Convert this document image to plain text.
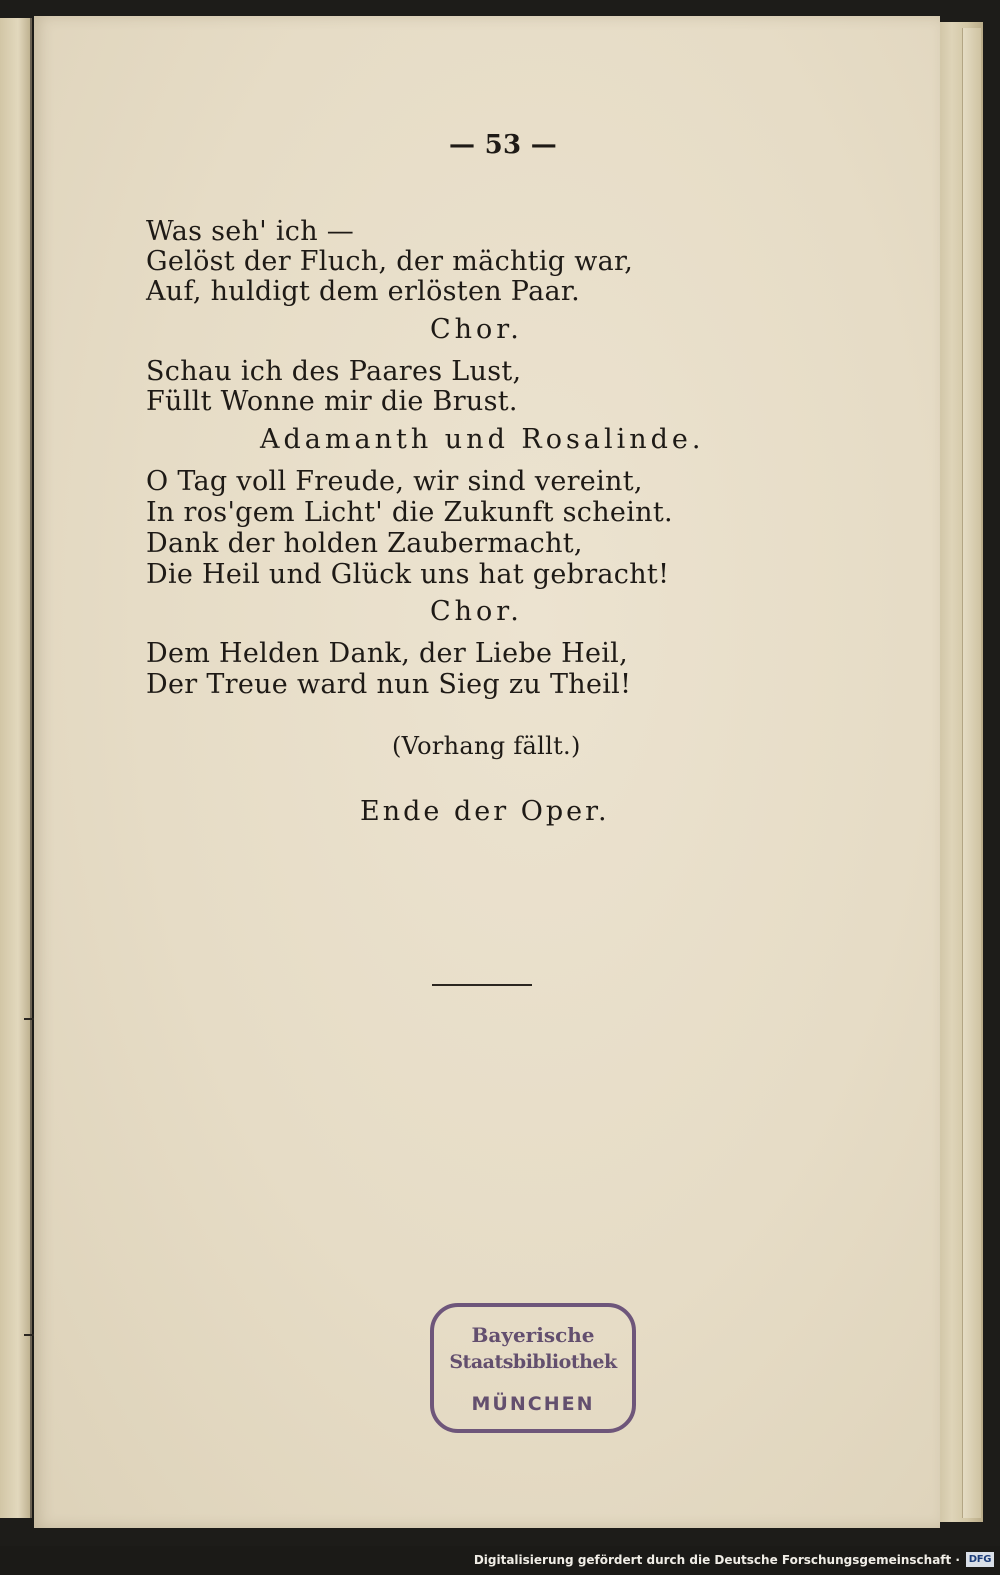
— 53 —
Was seh' ich —
Gelöst der Fluch, der mächtig war,
Auf, huldigt dem erlösten Paar.
Chor.
Schau ich des Paares Lust,
Füllt Wonne mir die Brust.
Adamanth und Rosalinde.
O Tag voll Freude, wir sind vereint,
In ros'gem Licht' die Zukunft scheint.
Dank der holden Zaubermacht,
Die Heil und Glück uns hat gebracht!
Chor.
Dem Helden Dank, der Liebe Heil,
Der Treue ward nun Sieg zu Theil!
(Vorhang fällt.)
Ende der Oper.
Bayerische
Staatsbibliothek
MÜNCHEN
Digitalisierung gefördert durch die Deutsche Forschungsgemeinschaft · DFG
